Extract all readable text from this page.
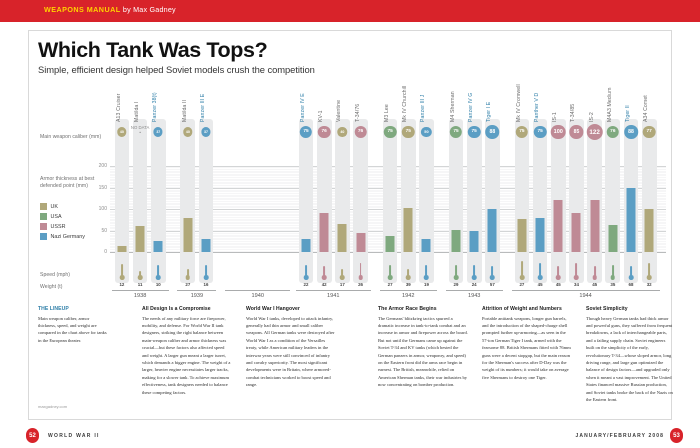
WEAPONS MANUAL by Max Gadney
Which Tank Was Tops?
Simple, efficient design helped Soviet models crush the competition
Main weapon caliber (mm)
Armor thickness at best defended point (mm)
Speed (mph)
Weight (t)
UK
USA
USSR
Nazi Germany
200
150
100
50
0
A13 Cruiser
40
12
Matilda I
NO DATA
•
11
Panzer 38(t)
37
10
Matilda II
40
27
Panzer III E
37
16
Panzer IV E
75
22
KV-1
76
42
Valentine
40
17
T-34/76
76
26
M3 Lee
75
27
Mk IV Churchill
75
39
Panzer III J
50
19
M4 Sherman
75
29
Panzer IV G
75
24
Tiger I E
88
57
Mk IV Cromwell
75
27
Panther V D
75
45
IS-1
100
45
T-34/85
85
34
IS-2
122
45
M4A3 Medium
76
35
Tiger II
88
68
A34 Comet
77
32
1938	1939	1940	1941	1942	1943	1944
THE LINEUP
Main weapon caliber, armor thickness, speed, and weight are compared in the chart above for tanks in the European theater.
All Design Is a Compromise
The needs of any military force are firepower, mobility, and defense. For World War II tank designers, striking the right balance between main-weapon caliber and armor thickness was crucial—but these factors also affected speed and weight. A larger gun meant a larger turret, which demands a bigger engine. The weight of a larger, heavier engine necessitates larger tracks, making for a slower tank. To achieve maximum effectiveness, tank designers needed to balance these competing factors.
World War I Hangover
World War I tanks, developed to attack infantry, generally had thin armor and small caliber weapons. All German tanks were destroyed after World War I as a condition of the Versailles treaty, while American military leaders in the interwar years were still convinced of infantry and cavalry superiority. The most significant developments were in Britain, where armored-combat technicians worked to boost speed and range.
The Armor Race Begins
The Germans' blitzkrieg tactics spurred a dramatic increase in tank-to-tank combat and an increase in armor and firepower across the board. But not until the Germans came up against the Soviet T-34 and KV tanks (which bested the German panzers in armor, weaponry, and speed) on the Eastern front did the arms race begin in earnest. The British, meanwhile, relied on American Sherman tanks, their war industries by now concentrating on bomber production.
Attrition of Weight and Numbers
Portable antitank weapons, longer gun barrels, and the introduction of the shaped-charge shell prompted further up-armoring—as seen in the 57-ton German Tiger I tank, armed with the fearsome 88. British Shermans fitted with 76mm guns were a decent stopgap, but the main reason for the Sherman's success after D-Day was the weight of its numbers; it would take on average five Shermans to destroy one Tiger.
Soviet Simplicity
Though heavy German tanks had thick armor and powerful guns, they suffered from frequent breakdowns, a lack of interchangeable parts, and a failing supply chain. Soviet engineers built on the simplicity of the early, revolutionary T-34—whose sloped armor, long driving range, and large gun optimized the balance of design factors—and upgraded only when it meant a vast improvement. The United States financed massive Russian production, and Soviet tanks broke the back of the Nazis on the Eastern front.
maxgadney.com
52	WORLD WAR II	JANUARY/FEBRUARY 2008	53
